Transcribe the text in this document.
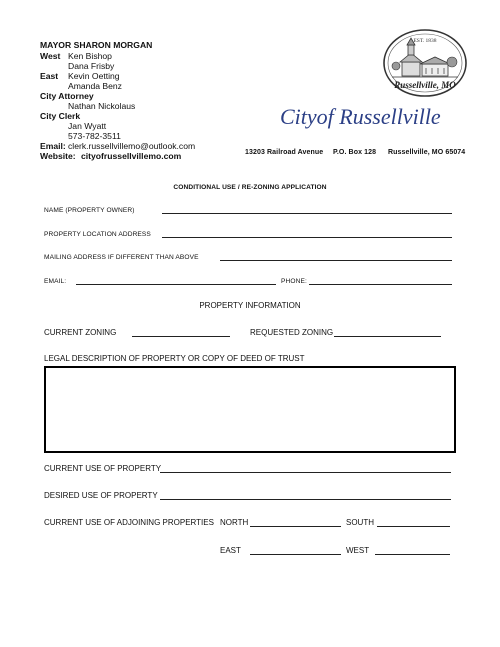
MAYOR SHARON MORGAN
West Ken Bishop
Dana Frisby
East Kevin Oetting
Amanda Benz
City Attorney
Nathan Nickolaus
City Clerk
Jan Wyatt
573-782-3511
Email: clerk.russellvillemo@outlook.com
Website: cityofrussellvillemo.com
EST. 1838
Russellville, MO
Cityof Russellville
13203 Railroad Avenue P.O. Box 128 Russellville, MO 65074
CONDITIONAL USE / RE-ZONING APPLICATION
NAME (PROPERTY OWNER)
PROPERTY LOCATION ADDRESS
MAILING ADDRESS IF DIFFERENT THAN ABOVE
EMAIL:	PHONE:
PROPERTY INFORMATION
CURRENT ZONING	REQUESTED ZONING
LEGAL DESCRIPTION OF PROPERTY OR COPY OF DEED OF TRUST
CURRENT USE OF PROPERTY
DESIRED USE OF PROPERTY
CURRENT USE OF ADJOINING PROPERTIES NORTH	SOUTH
EAST	WEST
